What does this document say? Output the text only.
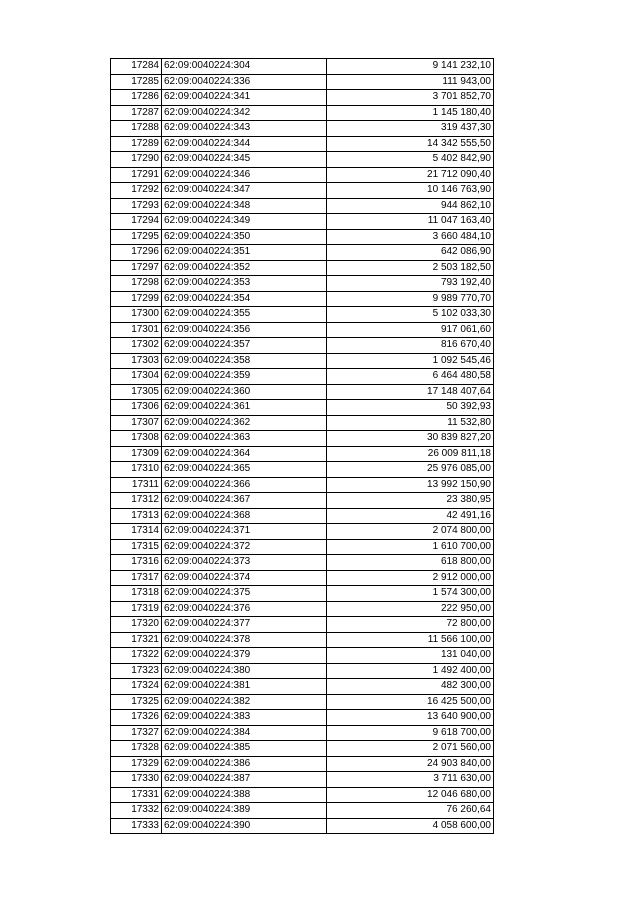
17284	62:09:0040224:304	9 141 232,10
17285	62:09:0040224:336	111 943,00
17286	62:09:0040224:341	3 701 852,70
17287	62:09:0040224:342	1 145 180,40
17288	62:09:0040224:343	319 437,30
17289	62:09:0040224:344	14 342 555,50
17290	62:09:0040224:345	5 402 842,90
17291	62:09:0040224:346	21 712 090,40
17292	62:09:0040224:347	10 146 763,90
17293	62:09:0040224:348	944 862,10
17294	62:09:0040224:349	11 047 163,40
17295	62:09:0040224:350	3 660 484,10
17296	62:09:0040224:351	642 086,90
17297	62:09:0040224:352	2 503 182,50
17298	62:09:0040224:353	793 192,40
17299	62:09:0040224:354	9 989 770,70
17300	62:09:0040224:355	5 102 033,30
17301	62:09:0040224:356	917 061,60
17302	62:09:0040224:357	816 670,40
17303	62:09:0040224:358	1 092 545,46
17304	62:09:0040224:359	6 464 480,58
17305	62:09:0040224:360	17 148 407,64
17306	62:09:0040224:361	50 392,93
17307	62:09:0040224:362	11 532,80
17308	62:09:0040224:363	30 839 827,20
17309	62:09:0040224:364	26 009 811,18
17310	62:09:0040224:365	25 976 085,00
17311	62:09:0040224:366	13 992 150,90
17312	62:09:0040224:367	23 380,95
17313	62:09:0040224:368	42 491,16
17314	62:09:0040224:371	2 074 800,00
17315	62:09:0040224:372	1 610 700,00
17316	62:09:0040224:373	618 800,00
17317	62:09:0040224:374	2 912 000,00
17318	62:09:0040224:375	1 574 300,00
17319	62:09:0040224:376	222 950,00
17320	62:09:0040224:377	72 800,00
17321	62:09:0040224:378	11 566 100,00
17322	62:09:0040224:379	131 040,00
17323	62:09:0040224:380	1 492 400,00
17324	62:09:0040224:381	482 300,00
17325	62:09:0040224:382	16 425 500,00
17326	62:09:0040224:383	13 640 900,00
17327	62:09:0040224:384	9 618 700,00
17328	62:09:0040224:385	2 071 560,00
17329	62:09:0040224:386	24 903 840,00
17330	62:09:0040224:387	3 711 630,00
17331	62:09:0040224:388	12 046 680,00
17332	62:09:0040224:389	76 260,64
17333	62:09:0040224:390	4 058 600,00
